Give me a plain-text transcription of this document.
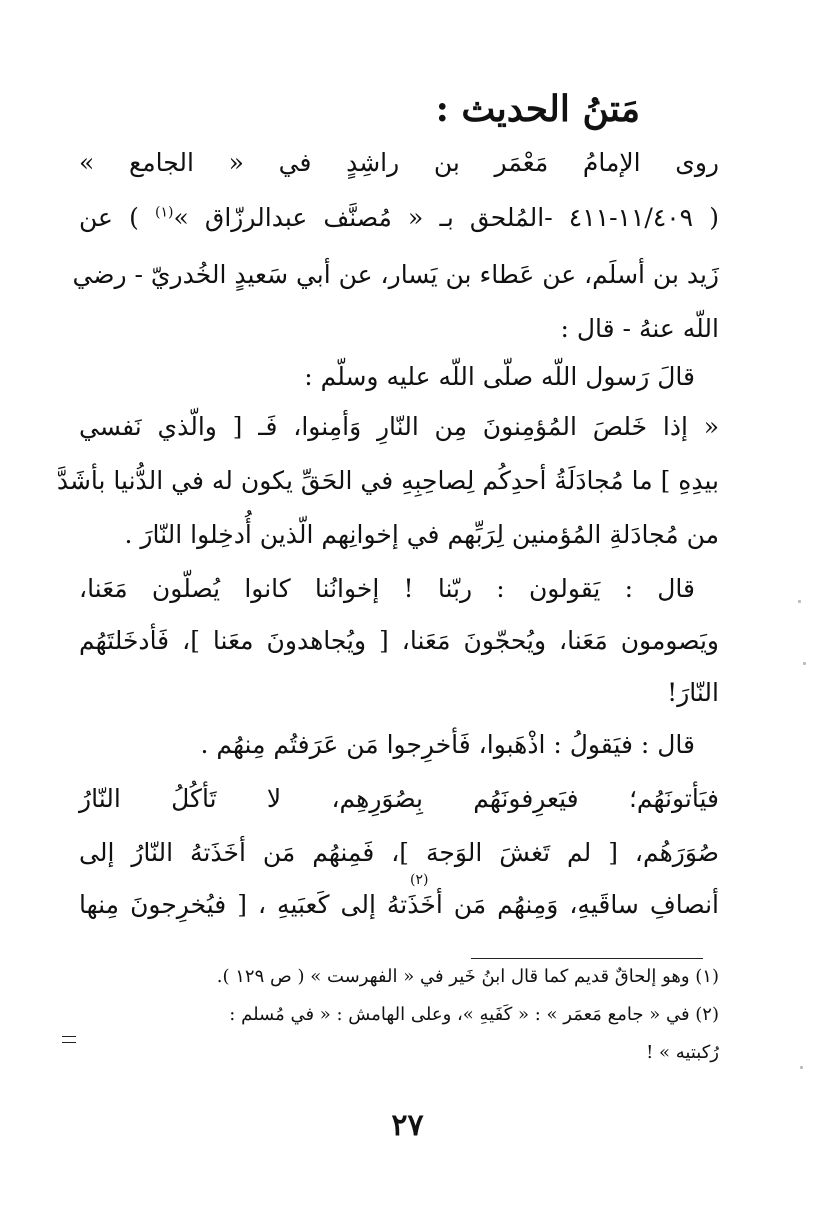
مَتنُ الحديث :
روى الإمامُ مَعْمَر بن راشِدٍ في « الجامع »
( ١١/٤٠٩-٤١١ -المُلحق بـ « مُصنَّف عبدالرزّاق »$^{(١)}$ ) عن
زَيد بن أسلَم، عن عَطاء بن يَسار، عن أبي سَعيدٍ الخُدريّ - رضي
اللّه عنهُ - قال :
قالَ رَسول اللّه صلّى اللّه عليه وسلّم :
« إذا خَلصَ المُؤمِنونَ مِن النّارِ وَأمِنوا، فَـ [ والّذي نَفسي
بيدِهِ ] ما مُجادَلَةُ أحدِكُم لِصاحِبِهِ في الحَقِّ يكون له في الدُّنيا بأشَدَّ
من مُجادَلةِ المُؤمنين لِرَبِّهم في إخوانِهم الّذين أُدخِلوا النّارَ .
قال : يَقولون : ربّنا ! إخوانُنا كانوا يُصلّون مَعَنا،
ويَصومون مَعَنا، ويُحجّونَ مَعَنا، [ ويُجاهدونَ معَنا ]، فَأدخَلتَهُم
النّارَ!
قال : فيَقولُ : اذْهَبوا، فَأخرِجوا مَن عَرَفتُم مِنهُم .
فيَأتونَهُم؛ فيَعرِفونَهُم بِصُوَرِهِم، لا تَأكُلُ النّارُ
صُوَرَهُم، [ لم تَغشَ الوَجهَ ]، فَمِنهُم مَن أخَذَتهُ النّارُ إلى
أنصافِ ساقَيهِ، وَمِنهُم مَن أخَذَتهُ إلى كَعبَيهِ ، [ فيُخرِجونَ مِنها
(٢)
(١) وهو إلحاقٌ قديم كما قال ابنُ خَير في « الفهرست » ( ص ١٢٩ ).
(٢) في « جامع مَعمَر » : « كَفَيهِ »، وعلى الهامش : « في مُسلم :
رُكبتيه » !
٢٧
